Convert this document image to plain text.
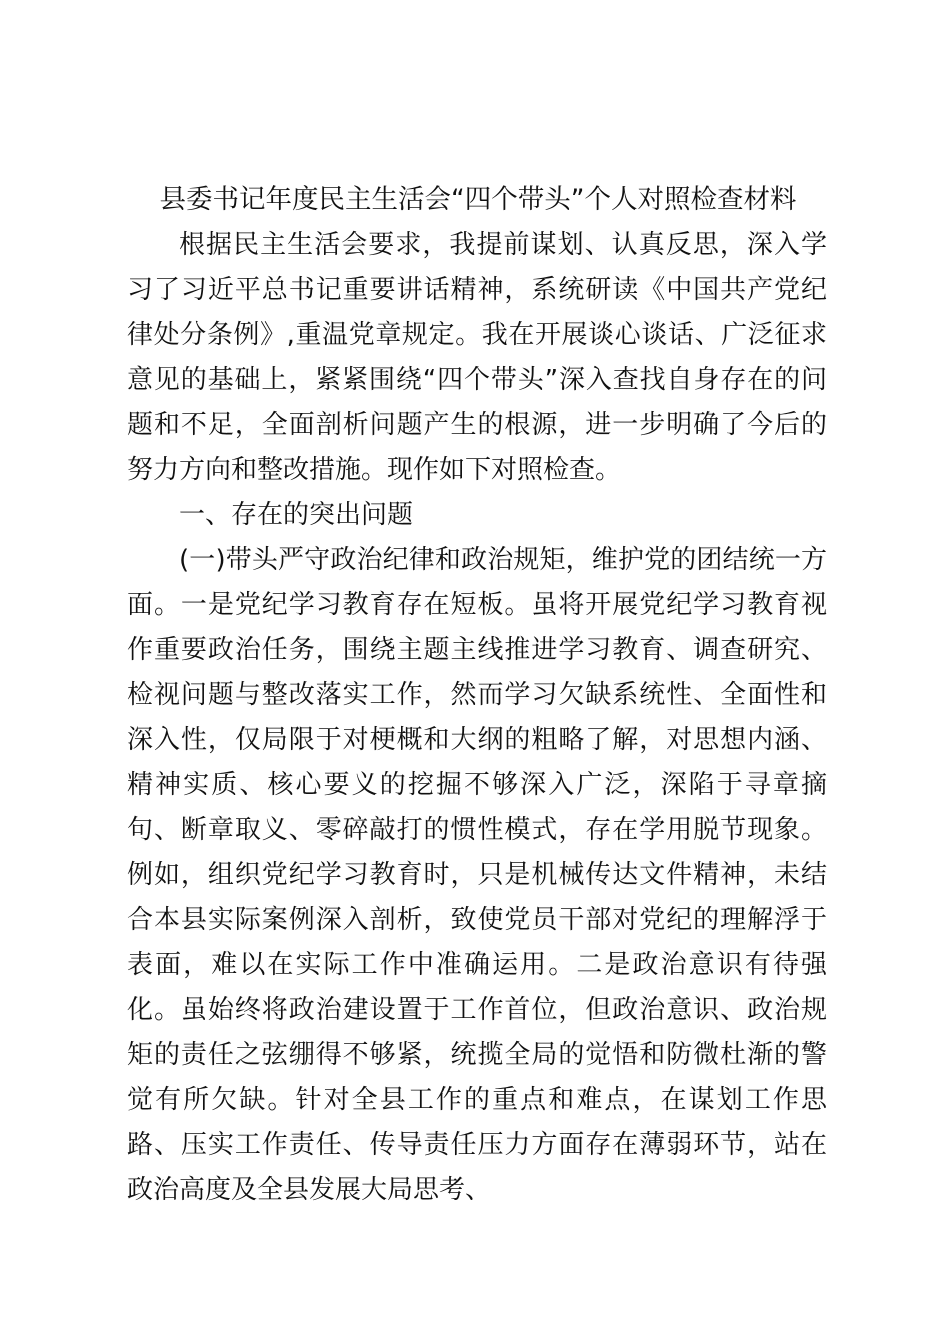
县委书记年度民主生活会“四个带头”个人对照检查材料

根据民主生活会要求，我提前谋划、认真反思，深入学习了习近平总书记重要讲话精神，系统研读《中国共产党纪律处分条例》,重温党章规定。我在开展谈心谈话、广泛征求意见的基础上，紧紧围绕“四个带头”深入查找自身存在的问题和不足，全面剖析问题产生的根源，进一步明确了今后的努力方向和整改措施。现作如下对照检查。

一、存在的突出问题

(一)带头严守政治纪律和政治规矩，维护党的团结统一方面。一是党纪学习教育存在短板。虽将开展党纪学习教育视作重要政治任务，围绕主题主线推进学习教育、调查研究、检视问题与整改落实工作，然而学习欠缺系统性、全面性和深入性，仅局限于对梗概和大纲的粗略了解，对思想内涵、精神实质、核心要义的挖掘不够深入广泛，深陷于寻章摘句、断章取义、零碎敲打的惯性模式，存在学用脱节现象。例如，组织党纪学习教育时，只是机械传达文件精神，未结合本县实际案例深入剖析，致使党员干部对党纪的理解浮于表面，难以在实际工作中准确运用。二是政治意识有待强化。虽始终将政治建设置于工作首位，但政治意识、政治规矩的责任之弦绷得不够紧，统揽全局的觉悟和防微杜渐的警觉有所欠缺。针对全县工作的重点和难点，在谋划工作思路、压实工作责任、传导责任压力方面存在薄弱环节，站在政治高度及全县发展大局思考、
